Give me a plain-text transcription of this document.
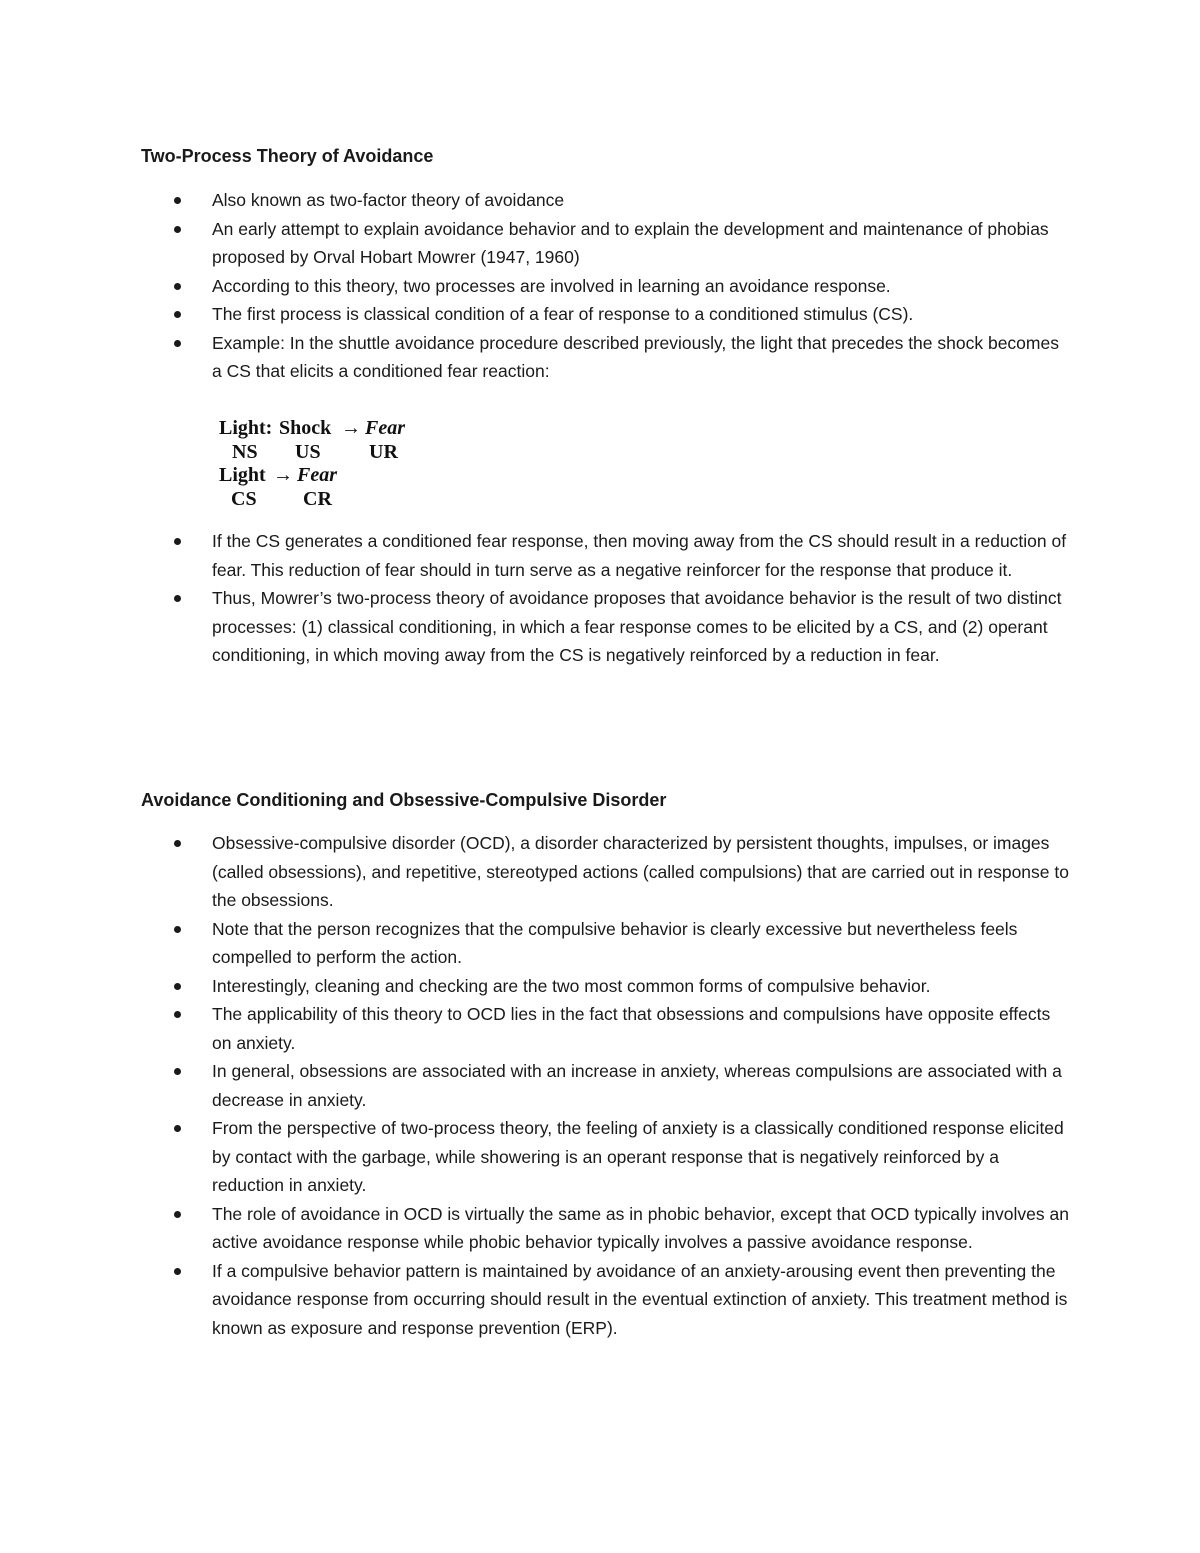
Two-Process Theory of Avoidance
Also known as two-factor theory of avoidance
An early attempt to explain avoidance behavior and to explain the development and maintenance of phobias proposed by Orval Hobart Mowrer (1947, 1960)
According to this theory, two processes are involved in learning an avoidance response.
The first process is classical condition of a fear of response to a conditioned stimulus (CS).
Example: In the shuttle avoidance procedure described previously, the light that precedes the shock becomes a CS that elicits a conditioned fear reaction:
Light: Shock → Fear
NS US UR
Light → Fear
CS CR
If the CS generates a conditioned fear response, then moving away from the CS should result in a reduction of fear. This reduction of fear should in turn serve as a negative reinforcer for the response that produce it.
Thus, Mowrer’s two-process theory of avoidance proposes that avoidance behavior is the result of two distinct processes: (1) classical conditioning, in which a fear response comes to be elicited by a CS, and (2) operant conditioning, in which moving away from the CS is negatively reinforced by a reduction in fear.
Avoidance Conditioning and Obsessive-Compulsive Disorder
Obsessive-compulsive disorder (OCD), a disorder characterized by persistent thoughts, impulses, or images (called obsessions), and repetitive, stereotyped actions (called compulsions) that are carried out in response to the obsessions.
Note that the person recognizes that the compulsive behavior is clearly excessive but nevertheless feels compelled to perform the action.
Interestingly, cleaning and checking are the two most common forms of compulsive behavior.
The applicability of this theory to OCD lies in the fact that obsessions and compulsions have opposite effects on anxiety.
In general, obsessions are associated with an increase in anxiety, whereas compulsions are associated with a decrease in anxiety.
From the perspective of two-process theory, the feeling of anxiety is a classically conditioned response elicited by contact with the garbage, while showering is an operant response that is negatively reinforced by a reduction in anxiety.
The role of avoidance in OCD is virtually the same as in phobic behavior, except that OCD typically involves an active avoidance response while phobic behavior typically involves a passive avoidance response.
If a compulsive behavior pattern is maintained by avoidance of an anxiety-arousing event then preventing the avoidance response from occurring should result in the eventual extinction of anxiety. This treatment method is known as exposure and response prevention (ERP).
